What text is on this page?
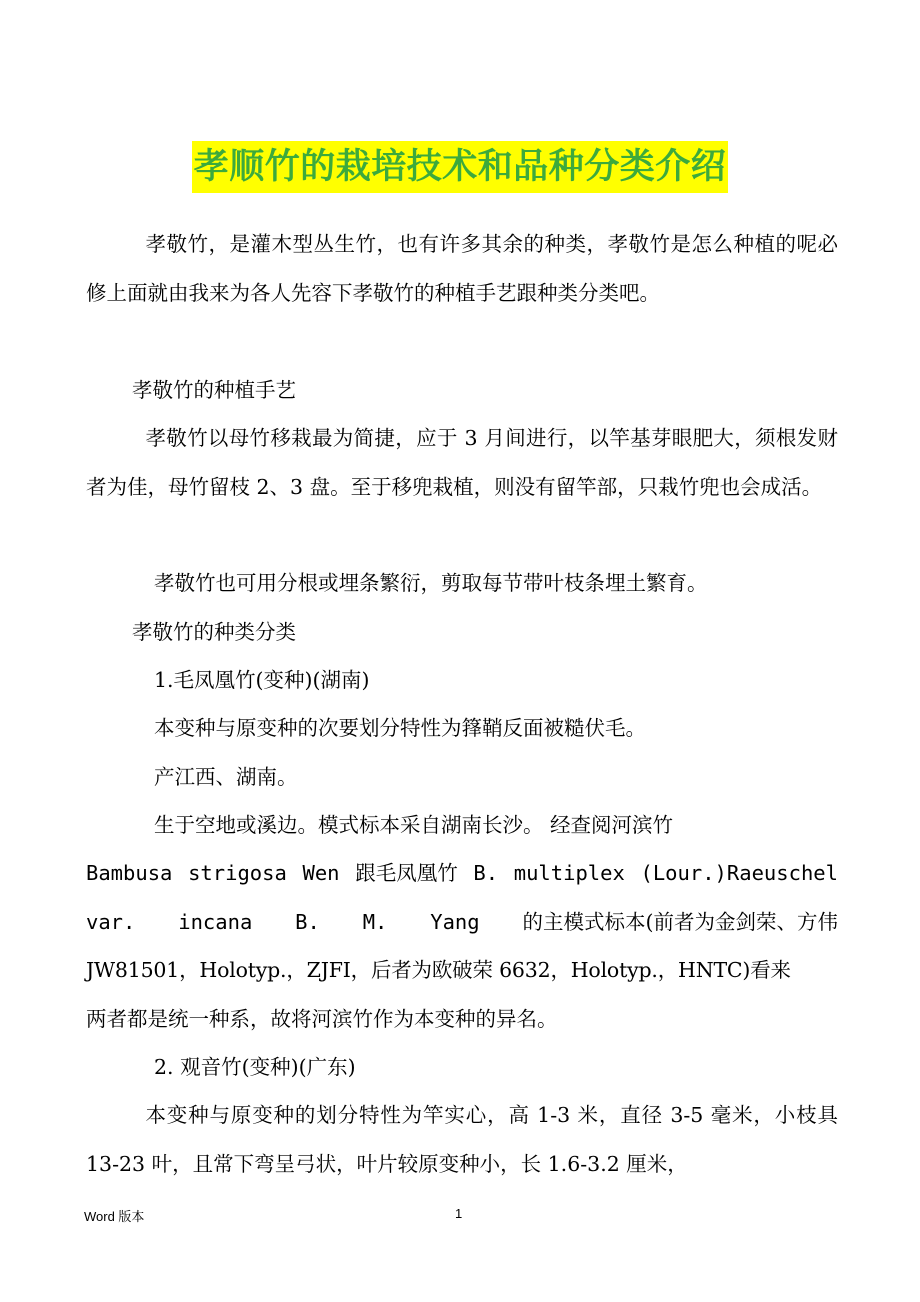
孝顺竹的栽培技术和品种分类介绍

孝敬竹，是灌木型丛生竹，也有许多其余的种类，孝敬竹是怎么种植的呢必修上面就由我来为各人先容下孝敬竹的种植手艺跟种类分类吧。

孝敬竹的种植手艺

孝敬竹以母竹移栽最为简捷，应于 3 月间进行，以竿基芽眼肥大，须根发财者为佳，母竹留枝 2、3 盘。至于移兜栽植，则没有留竿部，只栽竹兜也会成活。

孝敬竹也可用分根或埋条繁衍，剪取每节带叶枝条埋土繁育。
孝敬竹的种类分类
1.毛凤凰竹(变种)(湖南)
本变种与原变种的次要划分特性为箨鞘反面被糙伏毛。
产江西、湖南。
生于空地或溪边。模式标本采自湖南长沙。 经查阅河滨竹
Bambusa strigosa Wen 跟毛凤凰竹 B. multiplex (Lour.)Raeuschel
var. incana B. M. Yang 的主模式标本(前者为金剑荣、方伟
JW81501，Holotyp.，ZJFI，后者为欧破荣 6632，Holotyp.，HNTC)看来
两者都是统一种系，故将河滨竹作为本变种的异名。
2. 观音竹(变种)(广东)

本变种与原变种的划分特性为竿实心，高 1-3 米，直径 3-5 毫米，小枝具 13-23 叶，且常下弯呈弓状，叶片较原变种小，长 1.6-3.2 厘米，

Word 版本	1
